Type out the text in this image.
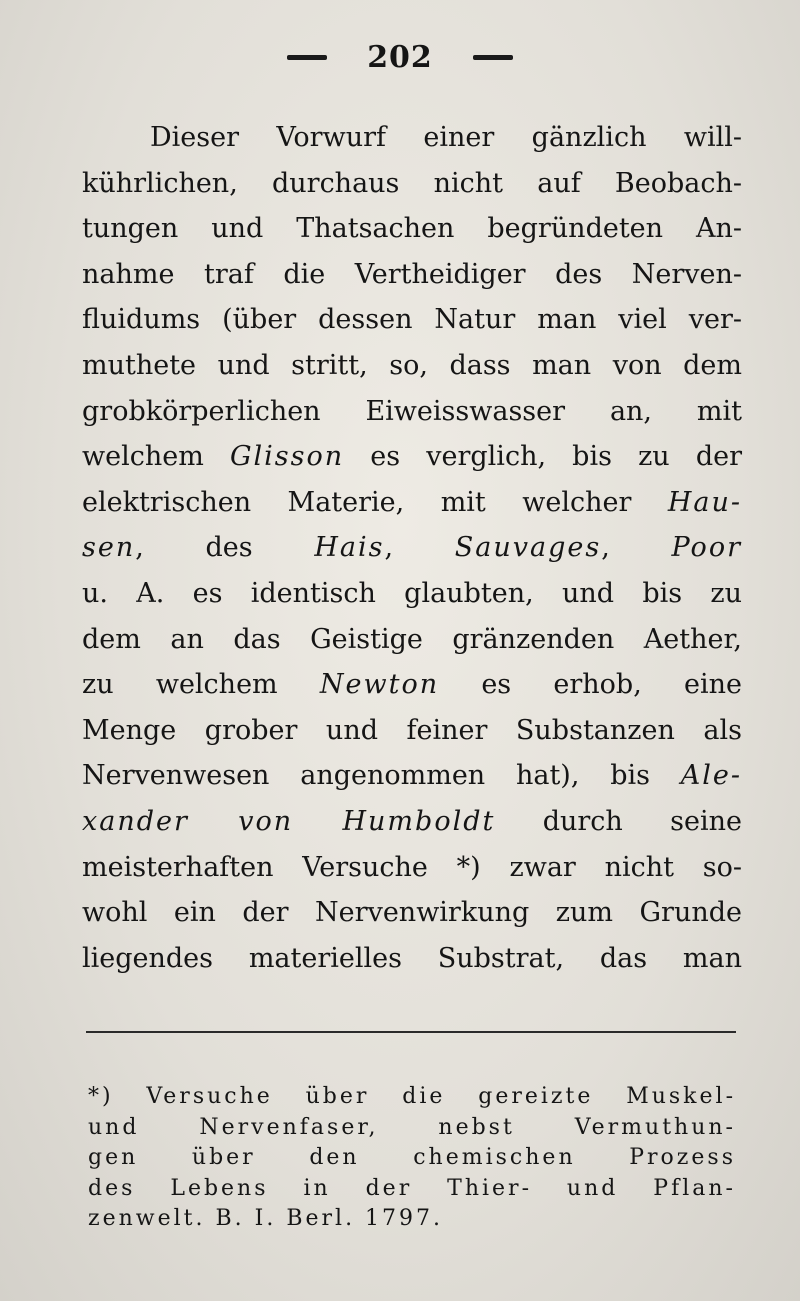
202
Dieser Vorwurf einer gänzlich will-
kührlichen, durchaus nicht auf Beobach-
tungen und Thatsachen begründeten An-
nahme traf die Vertheidiger des Nerven-
fluidums (über dessen Natur man viel ver-
muthete und stritt, so, dass man von dem
grobkörperlichen Eiweisswasser an, mit
welchem Glisson es verglich, bis zu der
elektrischen Materie, mit welcher Hau-
sen, des Hais, Sauvages, Poor
u. A. es identisch glaubten, und bis zu
dem an das Geistige gränzenden Aether,
zu welchem Newton es erhob, eine
Menge grober und feiner Substanzen als
Nervenwesen angenommen hat), bis Ale-
xander von Humboldt durch seine
meisterhaften Versuche *) zwar nicht so-
wohl ein der Nervenwirkung zum Grunde
liegendes materielles Substrat, das man
*) Versuche über die gereizte Muskel-
und Nervenfaser, nebst Vermuthun-
gen über den chemischen Prozess
des Lebens in der Thier- und Pflan-
zenwelt. B. I. Berl. 1797.
